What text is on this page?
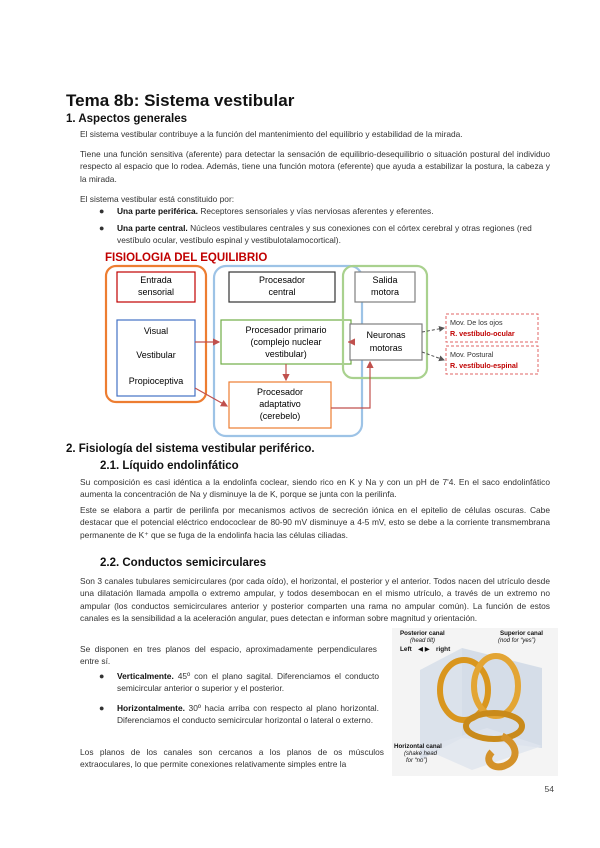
Tema 8b: Sistema vestibular
1. Aspectos generales
El sistema vestibular contribuye a la función del mantenimiento del equilibrio y estabilidad de la mirada.
Tiene una función sensitiva (aferente) para detectar la sensación de equilibrio-desequilibrio o situación postural del individuo respecto al espacio que lo rodea. Además, tiene una función motora (eferente) que ayuda a estabilizar la postura, la cabeza y la mirada.
El sistema vestibular está constituido por:
● Una parte periférica. Receptores sensoriales y vías nerviosas aferentes y eferentes.
● Una parte central. Núcleos vestibulares centrales y sus conexiones con el córtex cerebral y otras regiones (red vestíbulo ocular, vestíbulo espinal y vestibulotalamocortical).
FISIOLOGIA DEL EQUILIBRIO
Entrada
sensorial
Visual
Vestibular
Propioceptiva
Procesador
central
Procesador primario
(complejo nuclear
vestibular)
Procesador
adaptativo
(cerebelo)
Salida
motora
Neuronas
motoras
Mov. De los ojos
R. vestíbulo-ocular
Mov. Postural
R. vestíbulo-espinal
2. Fisiología del sistema vestibular periférico.
2.1. Líquido endolinfático
Su composición es casi idéntica a la endolinfa coclear, siendo rico en K y Na y con un pH de 7'4. En el saco endolinfático aumenta la concentración de Na y disminuye la de K, porque se junta con la perilinfa.
Este se elabora a partir de perilinfa por mecanismos activos de secreción iónica en el epitelio de células oscuras. Cabe destacar que el potencial eléctrico endococlear de 80-90 mV disminuye a 4-5 mV, esto se debe a la corriente transmembrana permanente de K⁺ que se fuga de la endolinfa hacia las células ciliadas.
2.2. Conductos semicirculares
Son 3 canales tubulares semicirculares (por cada oído), el horizontal, el posterior y el anterior. Todos nacen del utrículo desde una dilatación llamada ampolla o extremo ampular, y todos desembocan en el mismo utrículo, a través de un extremo no ampular (los conductos semicirculares anterior y posterior comparten una rama no ampular común). La función de estos canales es la sensibilidad a la aceleración angular, pues detectan e informan sobre magnitud y orientación.
Se disponen en tres planos del espacio, aproximadamente perpendiculares entre sí.
● Verticalmente. 45º con el plano sagital. Diferenciamos el conducto semicircular anterior o superior y el posterior.
● Horizontalmente. 30º hacia arriba con respecto al plano horizontal. Diferenciamos el conducto semicircular horizontal o lateral o externo.
Los planos de los canales son cercanos a los planos de os músculos extraoculares, lo que permite conexiones relativamente simples entre la
Posterior canal
(head tilt)
Superior canal
(nod for “yes”)
Left ◀ ▶ right
Horizontal canal
(shake head
for “no”)
54
